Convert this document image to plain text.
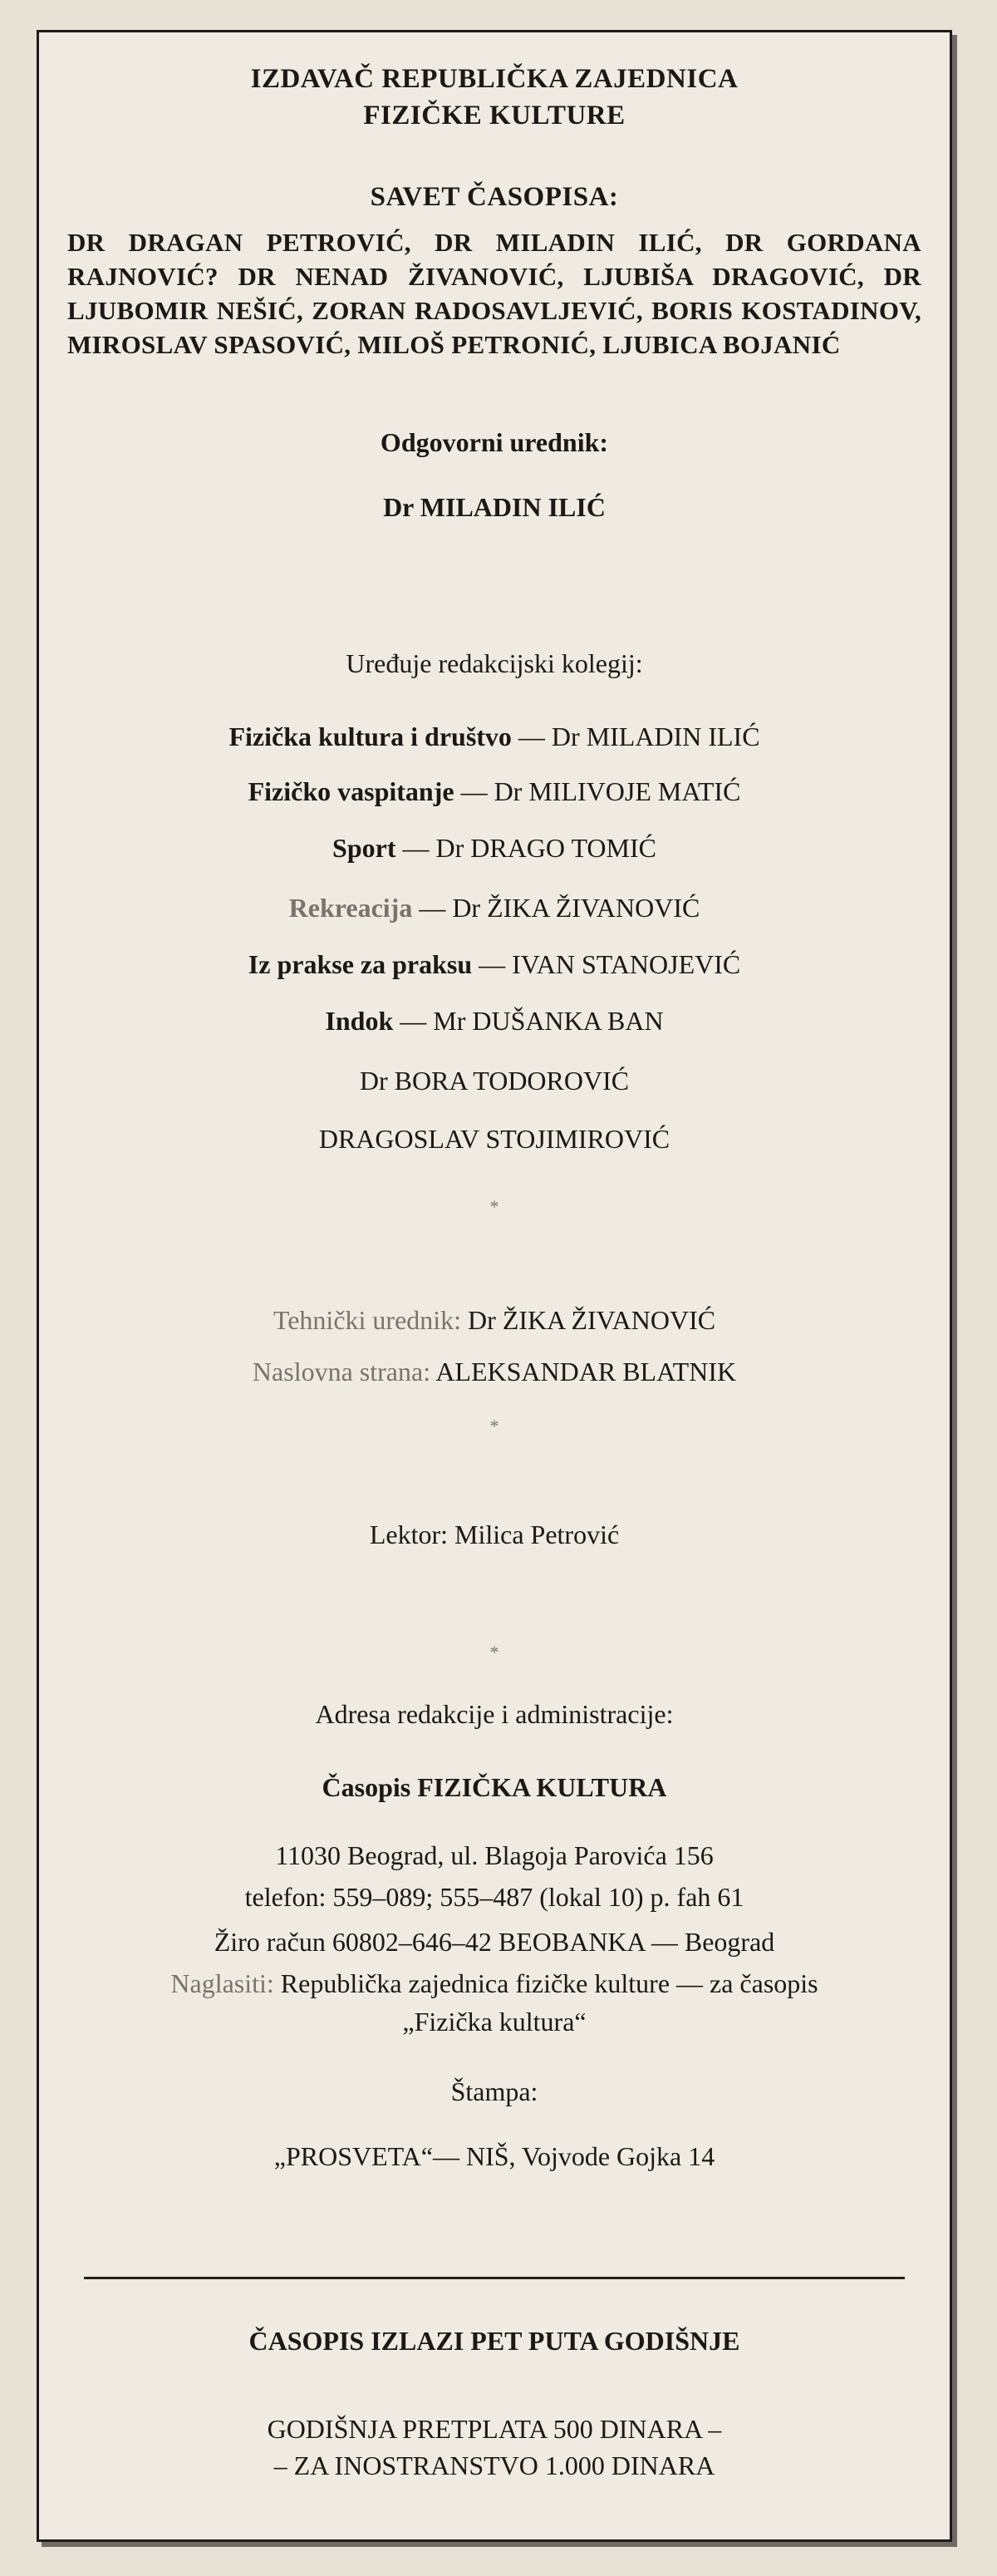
IZDAVAČ REPUBLIČKA ZAJEDNICA
FIZIČKE KULTURE
SAVET ČASOPISA:
DR DRAGAN PETROVIĆ, DR MILADIN ILIĆ, DR GORDANA RAJNOVIĆ? DR NENAD ŽIVANOVIĆ, LJUBIŠA DRAGOVIĆ, DR LJUBOMIR NEŠIĆ, ZORAN RADOSAVLJEVIĆ, BORIS KOSTADINOV, MIROSLAV SPASOVIĆ, MILOŠ PETRONIĆ, LJUBICA BOJANIĆ
Odgovorni urednik:
Dr MILADIN ILIĆ
Uređuje redakcijski kolegij:
Fizička kultura i društvo — Dr MILADIN ILIĆ
Fizičko vaspitanje — Dr MILIVOJE MATIĆ
Sport — Dr DRAGO TOMIĆ
Rekreacija — Dr ŽIKA ŽIVANOVIĆ
Iz prakse za praksu — IVAN STANOJEVIĆ
Indok — Mr DUŠANKA BAN
Dr BORA TODOROVIĆ
DRAGOSLAV STOJIMIROVIĆ
*
Tehnički urednik: Dr ŽIKA ŽIVANOVIĆ
Naslovna strana: ALEKSANDAR BLATNIK
*
Lektor: Milica Petrović
*
Adresa redakcije i administracije:
Časopis FIZIČKA KULTURA
11030 Beograd, ul. Blagoja Parovića 156
telefon: 559–089; 555–487 (lokal 10) p. fah 61
Žiro račun 60802–646–42 BEOBANKA — Beograd
Naglasiti: Republička zajednica fizičke kulture — za časopis
„Fizička kultura“
Štampa:
„PROSVETA“— NIŠ, Vojvode Gojka 14
ČASOPIS IZLAZI PET PUTA GODIŠNJE
GODIŠNJA PRETPLATA 500 DINARA –
– ZA INOSTRANSTVO 1.000 DINARA
